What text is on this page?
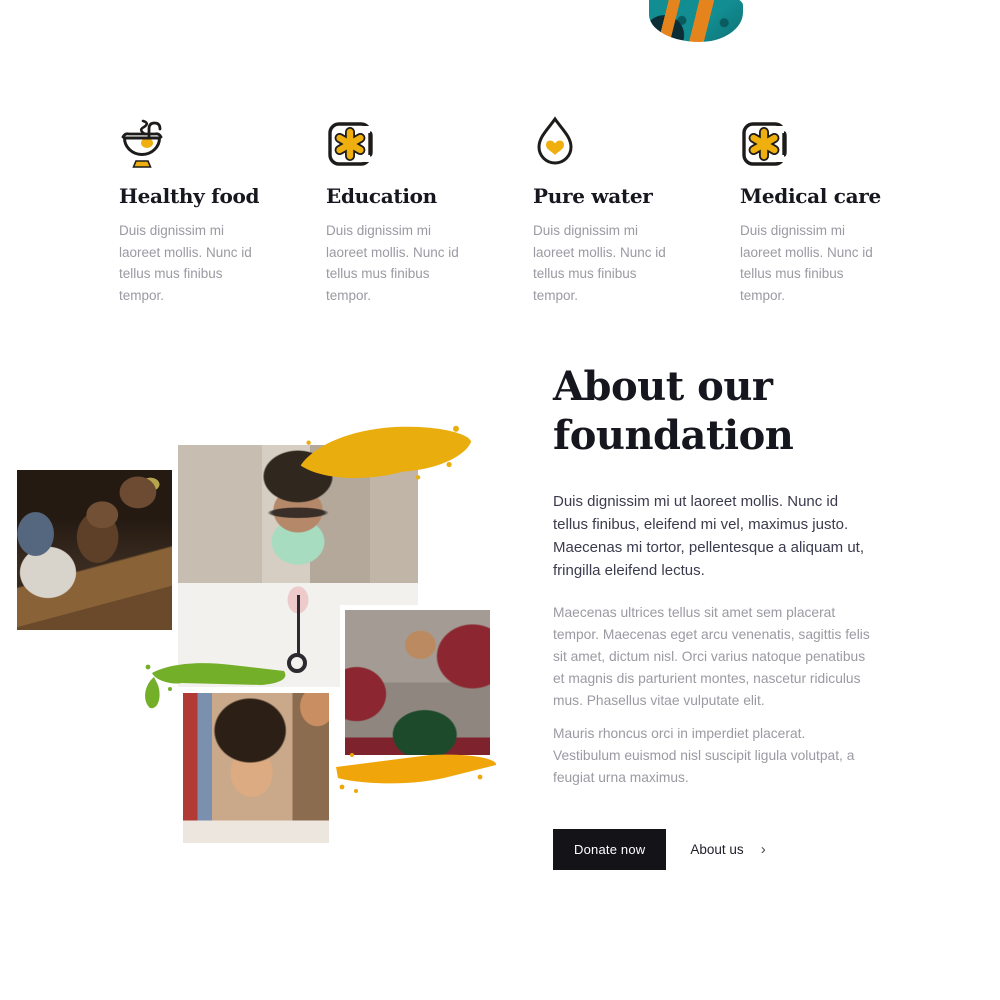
Healthy food

Duis dignissim mi laoreet mollis. Nunc id tellus mus finibus tempor.

Education

Duis dignissim mi laoreet mollis. Nunc id tellus mus finibus tempor.

Pure water

Duis dignissim mi laoreet mollis. Nunc id tellus mus finibus tempor.

Medical care

Duis dignissim mi laoreet mollis. Nunc id tellus mus finibus tempor.

About our foundation

Duis dignissim mi ut laoreet mollis. Nunc id tellus finibus, eleifend mi vel, maximus justo. Maecenas mi tortor, pellentesque a aliquam ut, fringilla eleifend lectus.

Maecenas ultrices tellus sit amet sem placerat tempor. Maecenas eget arcu venenatis, sagittis felis sit amet, dictum nisl. Orci varius natoque penatibus et magnis dis parturient montes, nascetur ridiculus mus. Phasellus vitae vulputate elit.

Mauris rhoncus orci in imperdiet placerat. Vestibulum euismod nisl suscipit ligula volutpat, a feugiat urna maximus.

Donate now	About us ›
